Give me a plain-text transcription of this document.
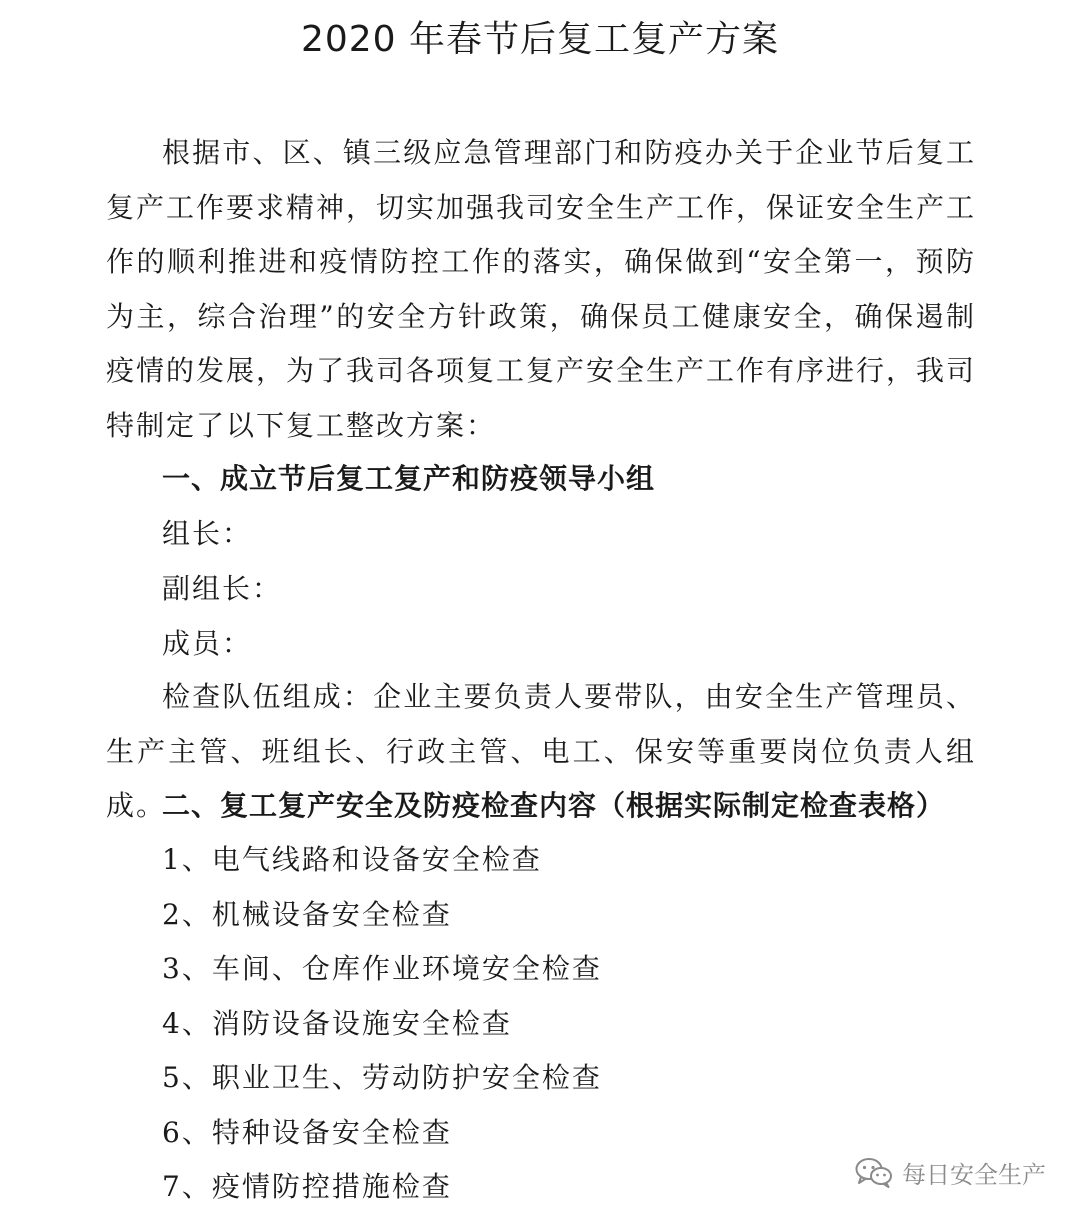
2020 年春节后复工复产方案

根据市、区、镇三级应急管理部门和防疫办关于企业节后复工复产工作要求精神，切实加强我司安全生产工作，保证安全生产工作的顺利推进和疫情防控工作的落实，确保做到“安全第一，预防为主，综合治理”的安全方针政策，确保员工健康安全，确保遏制疫情的发展，为了我司各项复工复产安全生产工作有序进行，我司特制定了以下复工整改方案：

一、成立节后复工复产和防疫领导小组

组长：

副组长：

成员：

检查队伍组成：企业主要负责人要带队，由安全生产管理员、生产主管、班组长、行政主管、电工、保安等重要岗位负责人组成。

二、复工复产安全及防疫检查内容（根据实际制定检查表格）

1、电气线路和设备安全检查

2、机械设备安全检查

3、车间、仓库作业环境安全检查

4、消防设备设施安全检查

5、职业卫生、劳动防护安全检查

6、特种设备安全检查

7、疫情防控措施检查	每日安全生产
